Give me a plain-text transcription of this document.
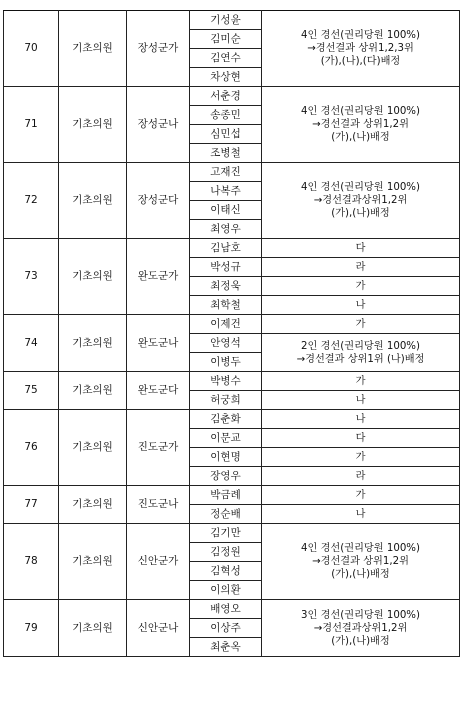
70	기초의원	장성군가	기성윤	4인 경선(권리당원 100%)
→경선결과 상위1,2,3위
(가),(나),(다)배정

			김미순	
			김연수	
			차상현	
71	기초의원	장성군나	서춘경	4인 경선(권리당원 100%)
→경선결과 상위1,2위
(가),(나)배정

			송종민	
			심민섭	
			조병철	
72	기초의원	장성군다	고재진	4인 경선(권리당원 100%)
→경선결과상위1,2위
(가),(나)배정

			나복주	
			이태신	
			최영우	
73	기초의원	완도군가	김남호	다
			박성규	라
			최정욱	가
			최학철	나
74	기초의원	완도군나	이제건	가
			안영석	2인 경선(권리당원 100%)
→경선결과 상위1위 (나)배정

			이병두	
75	기초의원	완도군다	박병수	가
			허궁희	나
76	기초의원	진도군가	김춘화	나
			이문교	다
			이현명	가
			장영우	라
77	기초의원	진도군나	박금례	가
			정순배	나
78	기초의원	신안군가	김기만	4인 경선(권리당원 100%)
→경선결과 상위1,2위
(가),(나)배정

			김정원	
			김혁성	
			이의환	
79	기초의원	신안군나	배영오	3인 경선(권리당원 100%)
→경선결과상위1,2위
(가),(나)배정

			이상주	
			최춘옥	
